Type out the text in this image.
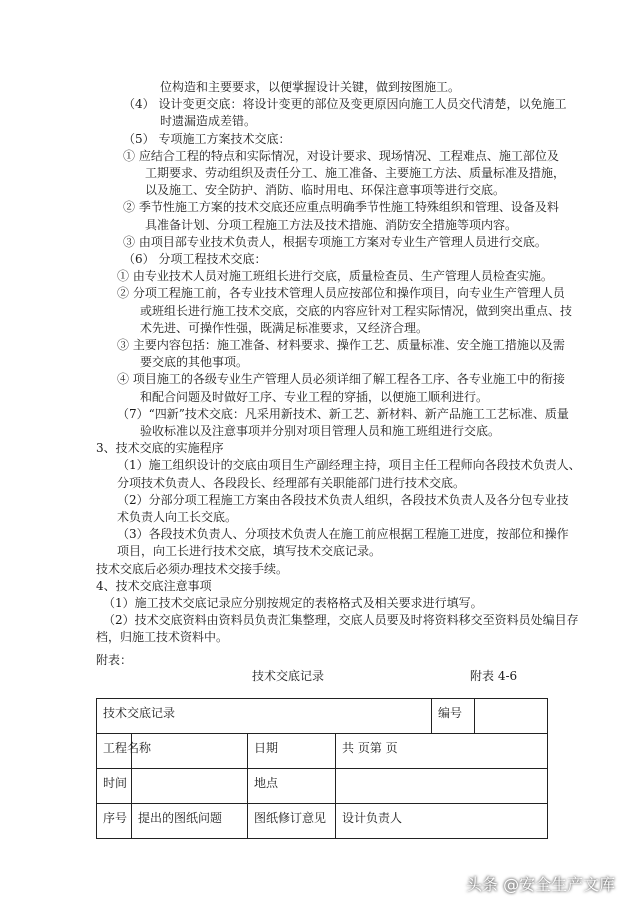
位构造和主要要求，以便掌握设计关键，做到按图施工。
（4） 设计变更交底：将设计变更的部位及变更原因向施工人员交代清楚，以免施工
时遗漏造成差错。
（5） 专项施工方案技术交底：
① 应结合工程的特点和实际情况，对设计要求、现场情况、工程难点、施工部位及
工期要求、劳动组织及责任分工、施工准备、主要施工方法、质量标准及措施，
以及施工、安全防护、消防、临时用电、环保注意事项等进行交底。
② 季节性施工方案的技术交底还应重点明确季节性施工特殊组织和管理、设备及料
具准备计划、分项工程施工方法及技术措施、消防安全措施等项内容。
③ 由项目部专业技术负责人，根据专项施工方案对专业生产管理人员进行交底。
（6） 分项工程技术交底：
① 由专业技术人员对施工班组长进行交底，质量检查员、生产管理人员检查实施。
② 分项工程施工前，各专业技术管理人员应按部位和操作项目，向专业生产管理人员
或班组长进行施工技术交底，交底的内容应针对工程实际情况，做到突出重点、技
术先进、可操作性强，既满足标准要求，又经济合理。
③ 主要内容包括：施工准备、材料要求、操作工艺、质量标准、安全施工措施以及需
要交底的其他事项。
④ 项目施工的各级专业生产管理人员必须详细了解工程各工序、各专业施工中的衔接
和配合问题及时做好工序、专业工程的穿插，以便施工顺利进行。
（7）“四新”技术交底：凡采用新技术、新工艺、新材料、新产品施工工艺标准、质量
验收标准以及注意事项并分别对项目管理人员和施工班组进行交底。
3、技术交底的实施程序
（1）施工组织设计的交底由项目生产副经理主持，项目主任工程师向各段技术负责人、
分项技术负责人、各段段长、经理部有关职能部门进行技术交底。
（2）分部分项工程施工方案由各段技术负责人组织，各段技术负责人及各分包专业技
术负责人向工长交底。
（3）各段技术负责人、分项技术负责人在施工前应根据工程施工进度，按部位和操作
项目，向工长进行技术交底，填写技术交底记录。
技术交底后必须办理技术交接手续。
4、技术交底注意事项
（1）施工技术交底记录应分别按规定的表格格式及相关要求进行填写。
（2）技术交底资料由资料员负责汇集整理，交底人员要及时将资料移交至资料员处编目存
档，归施工技术资料中。
附表：
技术交底记录	附表 4-6
技术交底记录				编号	
工程名称		日期	共 页第 页		
时间		地点			
序号	提出的图纸问题	图纸修订意见	设计负责人		
头条 @安全生产文库
